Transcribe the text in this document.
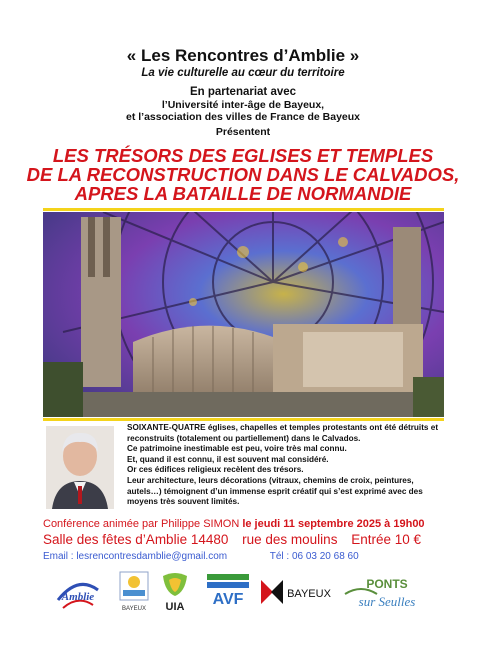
« Les Rencontres d’Amblie »
La vie culturelle au cœur du territoire
En partenariat avec
l’Université inter-âge de Bayeux,
et l’association des villes de France de Bayeux
Présentent
LES TRÉSORS DES EGLISES ET TEMPLES
DE LA RECONSTRUCTION DANS LE CALVADOS,
APRES LA BATAILLE DE NORMANDIE

SOIXANTE-QUATRE églises, chapelles et temples protestants ont été détruits et reconstruits (totalement ou partiellement) dans le Calvados.

Ce patrimoine inestimable est peu, voire très mal connu.

Et, quand il est connu, il est souvent mal considéré.

Or ces édifices religieux recèlent des trésors.

Leur architecture, leurs décorations (vitraux, chemins de croix, peintures, autels…) témoignent d’un immense esprit créatif qui s’est exprimé avec des moyens très souvent limités.

Conférence animée par Philippe SIMON le jeudi 11 septembre 2025 à 19h00
Salle des fêtes d’Amblie 14480 rue des moulins Entrée 10 €
Email : lesrencontresdamblie@gmail.com	Tél : 06 03 20 68 60
Amblie
BAYEUX UIA AVF	BAYEUX
PONTS
sur Seulles
